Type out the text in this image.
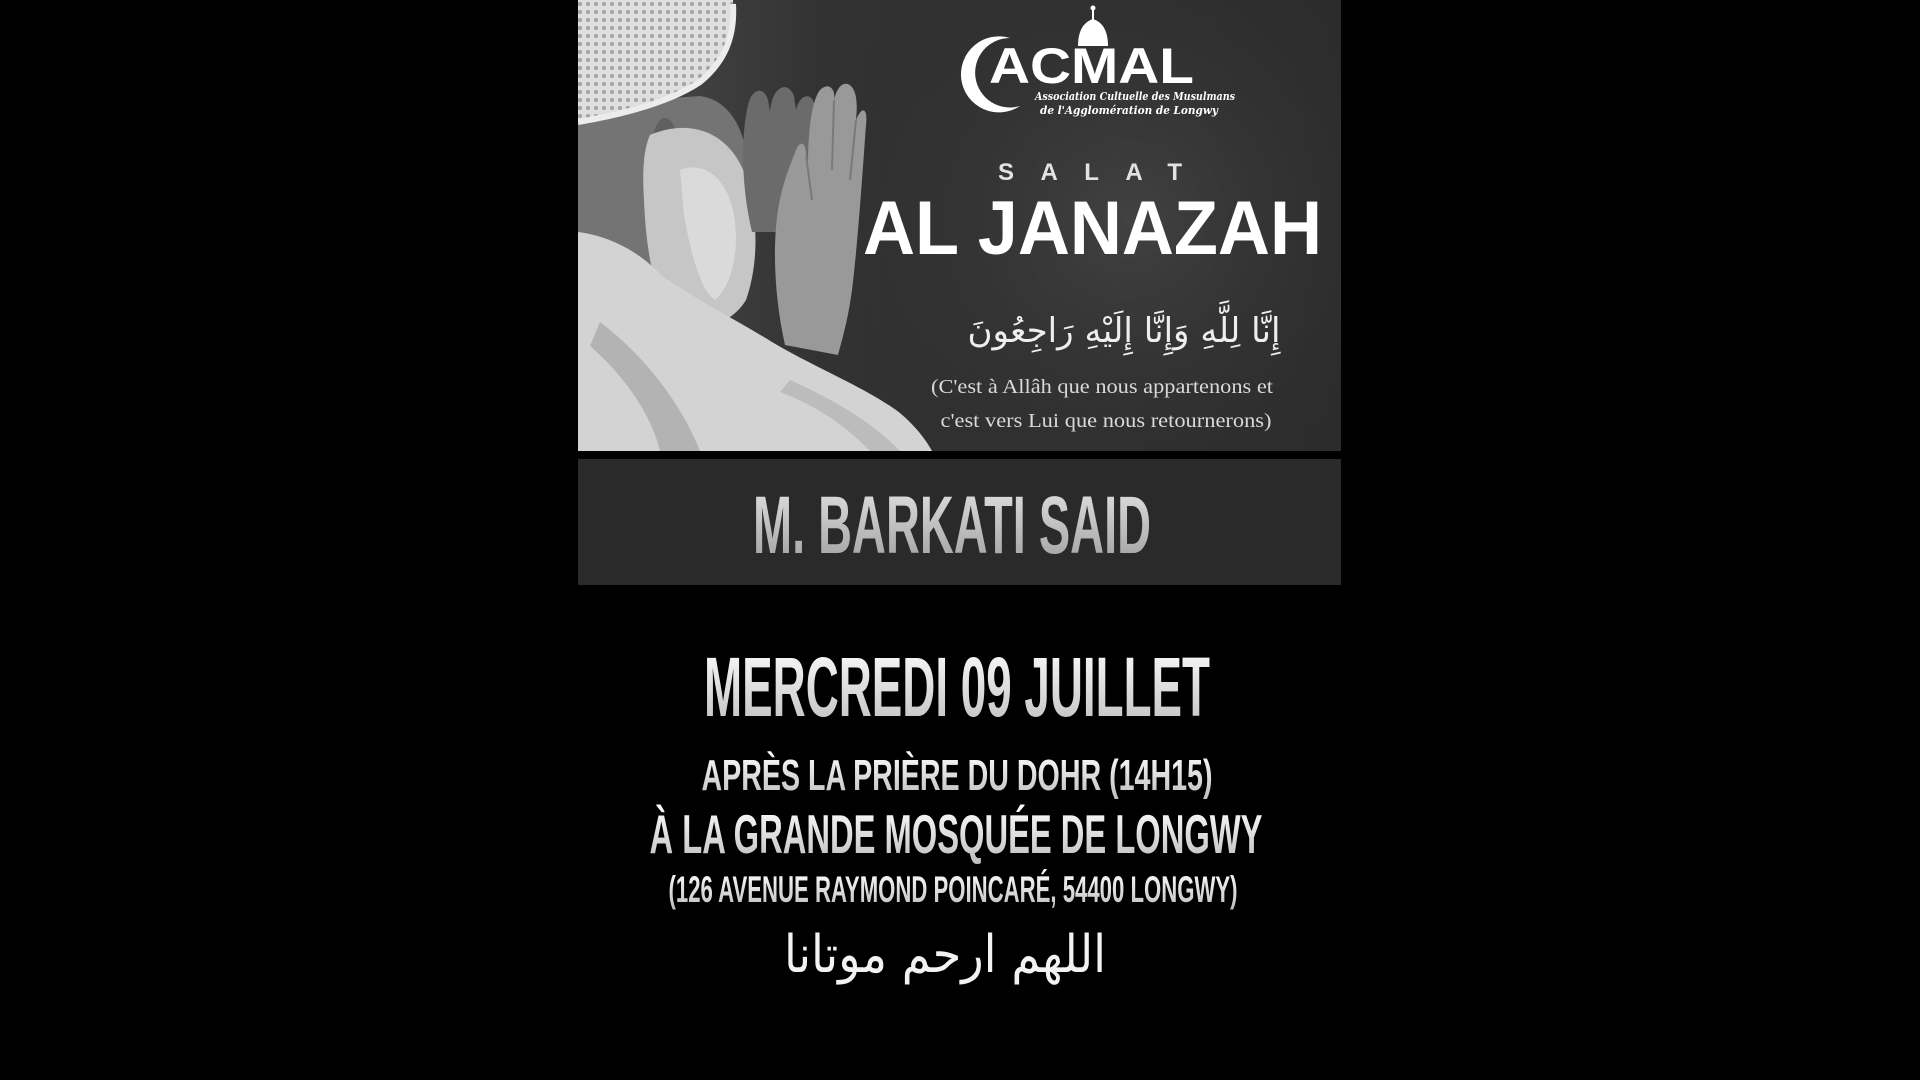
ACMAL
Association Cultuelle des Musulmans
de l'Agglomération de Longwy
SALAT
AL JANAZAH
إِنَّا لِلَّهِ وَإِنَّا إِلَيْهِ رَاجِعُونَ
(C'est à Allâh que nous appartenons et
c'est vers Lui que nous retournerons)
M. BARKATI SAID
MERCREDI 09 JUILLET
APRÈS LA PRIÈRE DU DOHR (14H15)
À LA GRANDE MOSQUÉE DE LONGWY
(126 AVENUE RAYMOND POINCARÉ, 54400 LONGWY)
اللهم ارحم موتانا
